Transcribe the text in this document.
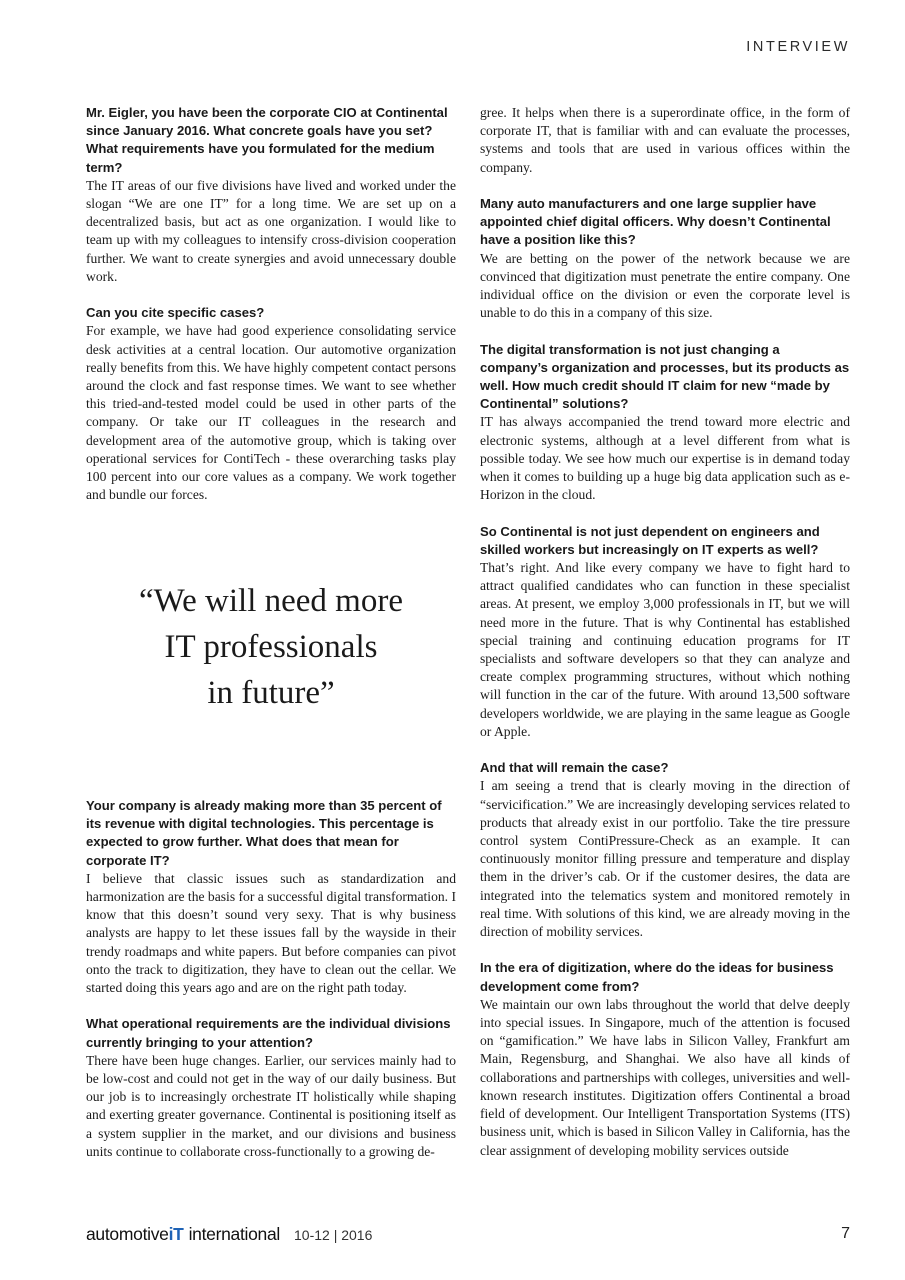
INTERVIEW

Mr. Eigler, you have been the corporate CIO at Continental since January 2016. What concrete goals have you set? What requirements have you formulated for the medium term?

The IT areas of our five divisions have lived and worked under the slogan “We are one IT” for a long time. We are set up on a decentralized basis, but act as one organization. I would like to team up with my colleagues to intensify cross-division cooperation further. We want to create synergies and avoid unnecessary double work.

Can you cite specific cases?

For example, we have had good experience consolidating service desk activities at a central location. Our automotive organization really benefits from this. We have highly competent contact persons around the clock and fast response times. We want to see whether this tried-and-tested model could be used in other parts of the company. Or take our IT colleagues in the research and development area of the automotive group, which is taking over operational services for ContiTech - these overarching tasks play 100 percent into our core values as a company. We work together and bundle our forces.

“We will need more
IT professionals
in future”

Your company is already making more than 35 percent of its revenue with digital technologies. This percentage is expected to grow further. What does that mean for corporate IT?

I believe that classic issues such as standardization and harmonization are the basis for a successful digital transformation. I know that this doesn’t sound very sexy. That is why business analysts are happy to let these issues fall by the wayside in their trendy roadmaps and white papers. But before companies can pivot onto the track to digitization, they have to clean out the cellar. We started doing this years ago and are on the right path today.

What operational requirements are the individual divisions currently bringing to your attention?

There have been huge changes. Earlier, our services mainly had to be low-cost and could not get in the way of our daily business. But our job is to increasingly orchestrate IT holistically while shaping and exerting greater governance. Continental is positioning itself as a system supplier in the market, and our divisions and business units continue to collaborate cross-functionally to a growing de-

gree. It helps when there is a superordinate office, in the form of corporate IT, that is familiar with and can evaluate the processes, systems and tools that are used in various offices within the company.

Many auto manufacturers and one large supplier have appointed chief digital officers. Why doesn’t Continental have a position like this?

We are betting on the power of the network because we are convinced that digitization must penetrate the entire company. One individual office on the division or even the corporate level is unable to do this in a company of this size.

The digital transformation is not just changing a company’s organization and processes, but its products as well. How much credit should IT claim for new “made by Continental” solutions?

IT has always accompanied the trend toward more electric and electronic systems, although at a level different from what is possible today. We see how much our expertise is in demand today when it comes to building up a huge big data application such as e-Horizon in the cloud.

So Continental is not just dependent on engineers and skilled workers but increasingly on IT experts as well?

That’s right. And like every company we have to fight hard to attract qualified candidates who can function in these specialist areas. At present, we employ 3,000 professionals in IT, but we will need more in the future. That is why Continental has established special training and continuing education programs for IT specialists and software developers so that they can analyze and create complex programming structures, without which nothing will function in the car of the future. With around 13,500 software developers worldwide, we are playing in the same league as Google or Apple.

And that will remain the case?

I am seeing a trend that is clearly moving in the direction of “servicification.” We are increasingly developing services related to products that already exist in our portfolio. Take the tire pressure control system ContiPressure-Check as an example. It can continuously monitor filling pressure and temperature and display them in the driver’s cab. Or if the customer desires, the data are integrated into the telematics system and monitored remotely in real time. With solutions of this kind, we are already moving in the direction of mobility services.

In the era of digitization, where do the ideas for business development come from?

We maintain our own labs throughout the world that delve deeply into special issues. In Singapore, much of the attention is focused on “gamification.” We have labs in Silicon Valley, Frankfurt am Main, Regensburg, and Shanghai. We also have all kinds of collaborations and partnerships with colleges, universities and well-known research institutes. Digitization offers Continental a broad field of development. Our Intelligent Transportation Systems (ITS) business unit, which is based in Silicon Valley in California, has the clear assignment of developing mobility services outside

automotiveiT international 10-12 | 2016	7
